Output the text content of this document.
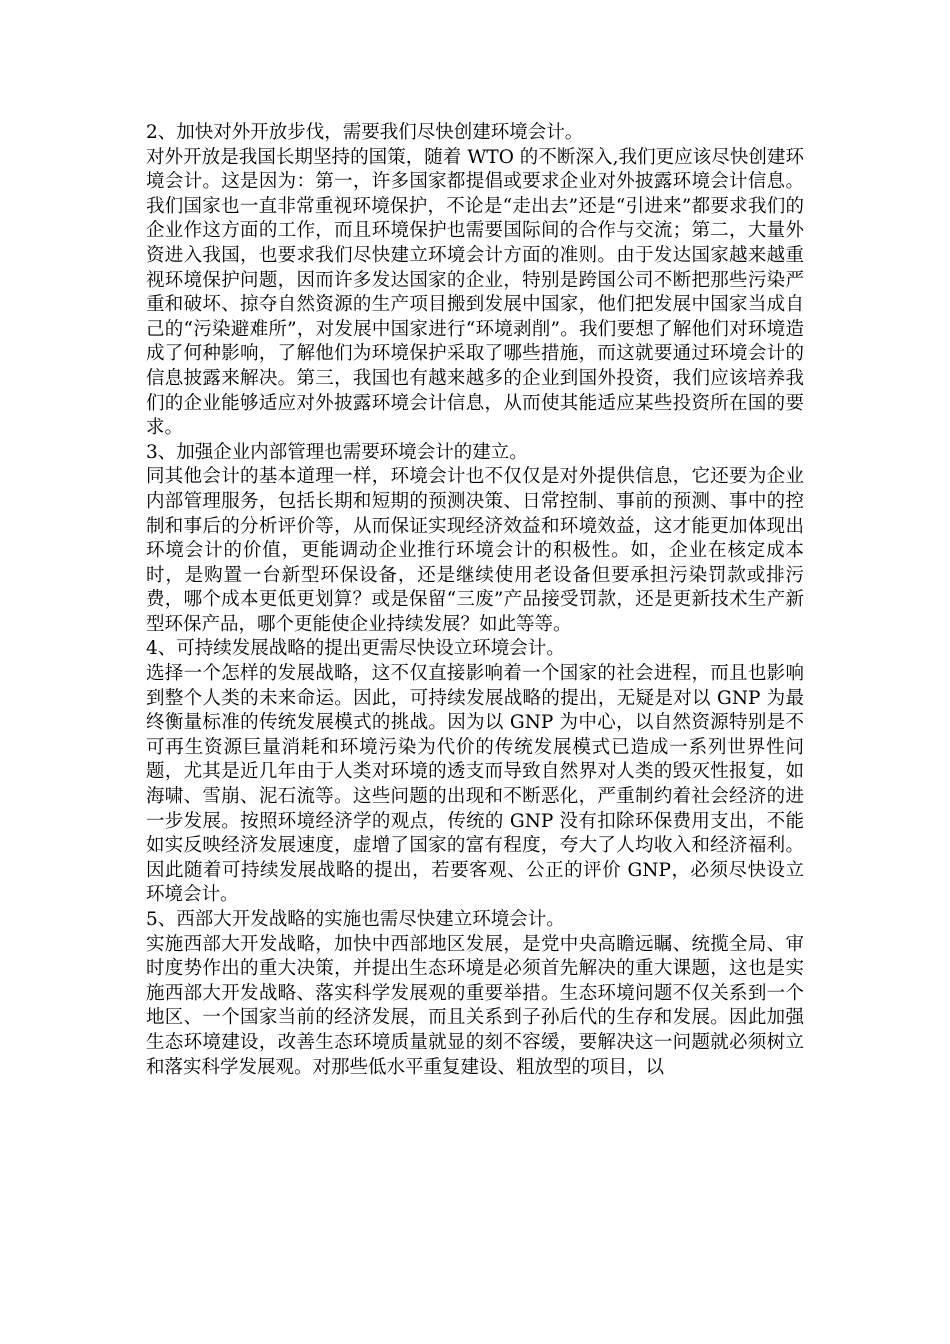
2、加快对外开放步伐，需要我们尽快创建环境会计。

对外开放是我国长期坚持的国策，随着 WTO 的不断深入,我们更应该尽快创建环境会计。这是因为：第一，许多国家都提倡或要求企业对外披露环境会计信息。我们国家也一直非常重视环境保护，不论是“走出去”还是“引进来”都要求我们的企业作这方面的工作，而且环境保护也需要国际间的合作与交流；第二，大量外资进入我国，也要求我们尽快建立环境会计方面的准则。由于发达国家越来越重视环境保护问题，因而许多发达国家的企业，特别是跨国公司不断把那些污染严重和破坏、掠夺自然资源的生产项目搬到发展中国家，他们把发展中国家当成自己的“污染避难所”，对发展中国家进行“环境剥削”。我们要想了解他们对环境造成了何种影响，了解他们为环境保护采取了哪些措施，而这就要通过环境会计的信息披露来解决。第三，我国也有越来越多的企业到国外投资，我们应该培养我们的企业能够适应对外披露环境会计信息，从而使其能适应某些投资所在国的要求。

3、加强企业内部管理也需要环境会计的建立。

同其他会计的基本道理一样，环境会计也不仅仅是对外提供信息，它还要为企业内部管理服务，包括长期和短期的预测决策、日常控制、事前的预测、事中的控制和事后的分析评价等，从而保证实现经济效益和环境效益，这才能更加体现出环境会计的价值，更能调动企业推行环境会计的积极性。如，企业在核定成本时，是购置一台新型环保设备，还是继续使用老设备但要承担污染罚款或排污费，哪个成本更低更划算？或是保留“三废”产品接受罚款，还是更新技术生产新型环保产品，哪个更能使企业持续发展？如此等等。

4、可持续发展战略的提出更需尽快设立环境会计。

选择一个怎样的发展战略，这不仅直接影响着一个国家的社会进程，而且也影响到整个人类的未来命运。因此，可持续发展战略的提出，无疑是对以 GNP 为最终衡量标准的传统发展模式的挑战。因为以 GNP 为中心，以自然资源特别是不可再生资源巨量消耗和环境污染为代价的传统发展模式已造成一系列世界性问题，尤其是近几年由于人类对环境的透支而导致自然界对人类的毁灭性报复，如海啸、雪崩、泥石流等。这些问题的出现和不断恶化，严重制约着社会经济的进一步发展。按照环境经济学的观点，传统的 GNP 没有扣除环保费用支出，不能如实反映经济发展速度，虚增了国家的富有程度，夸大了人均收入和经济福利。因此随着可持续发展战略的提出，若要客观、公正的评价 GNP，必须尽快设立环境会计。

5、西部大开发战略的实施也需尽快建立环境会计。

实施西部大开发战略，加快中西部地区发展，是党中央高瞻远瞩、统揽全局、审时度势作出的重大决策，并提出生态环境是必须首先解决的重大课题，这也是实施西部大开发战略、落实科学发展观的重要举措。生态环境问题不仅关系到一个地区、一个国家当前的经济发展，而且关系到子孙后代的生存和发展。因此加强生态环境建设，改善生态环境质量就显的刻不容缓，要解决这一问题就必须树立和落实科学发展观。对那些低水平重复建设、粗放型的项目，以
